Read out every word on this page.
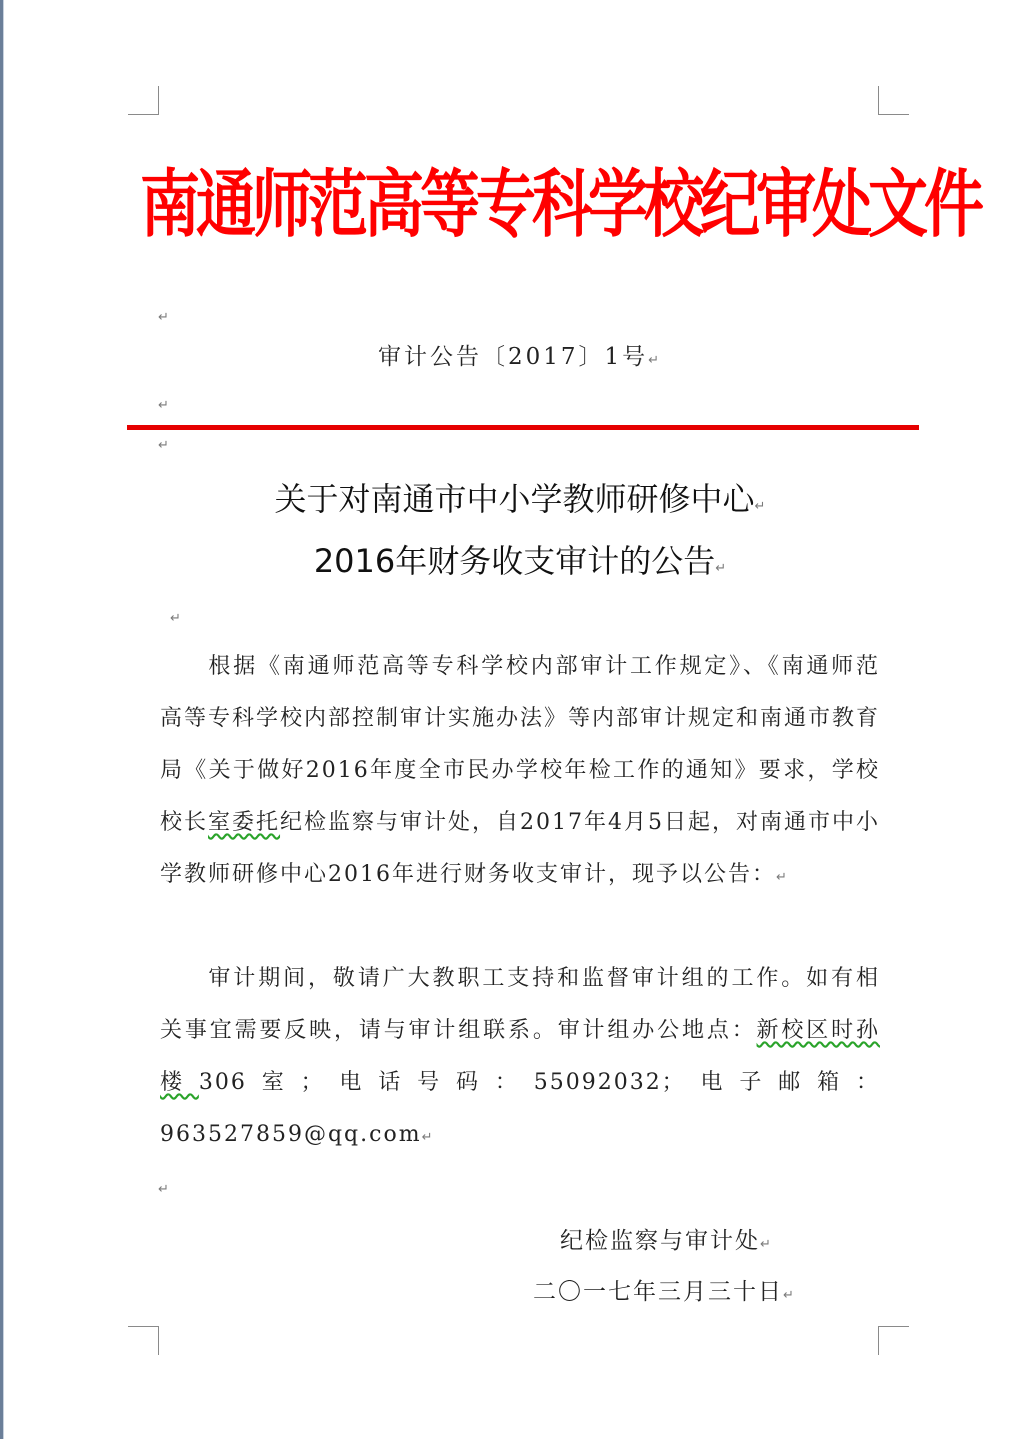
南通师范高等专科学校纪审处文件
↵
审计公告〔2017〕1号↵
↵
↵
关于对南通市中小学教师研修中心↵
2016年财务收支审计的公告↵
↵
根据《南通师范高等专科学校内部审计工作规定》、《南通师范高等专科学校内部控制审计实施办法》等内部审计规定和南通市教育局《关于做好2016年度全市民办学校年检工作的通知》要求，学校校长室委托纪检监察与审计处，自2017年4月5日起，对南通市中小学教师研修中心2016年进行财务收支审计，现予以公告：↵
审计期间，敬请广大教职工支持和监督审计组的工作。如有相关事宜需要反映，请与审计组联系。审计组办公地点：新校区时孙楼306室；电话号码：55092032；电子邮箱：963527859@qq.com↵
↵
纪检监察与审计处↵
二〇一七年三月三十日↵
